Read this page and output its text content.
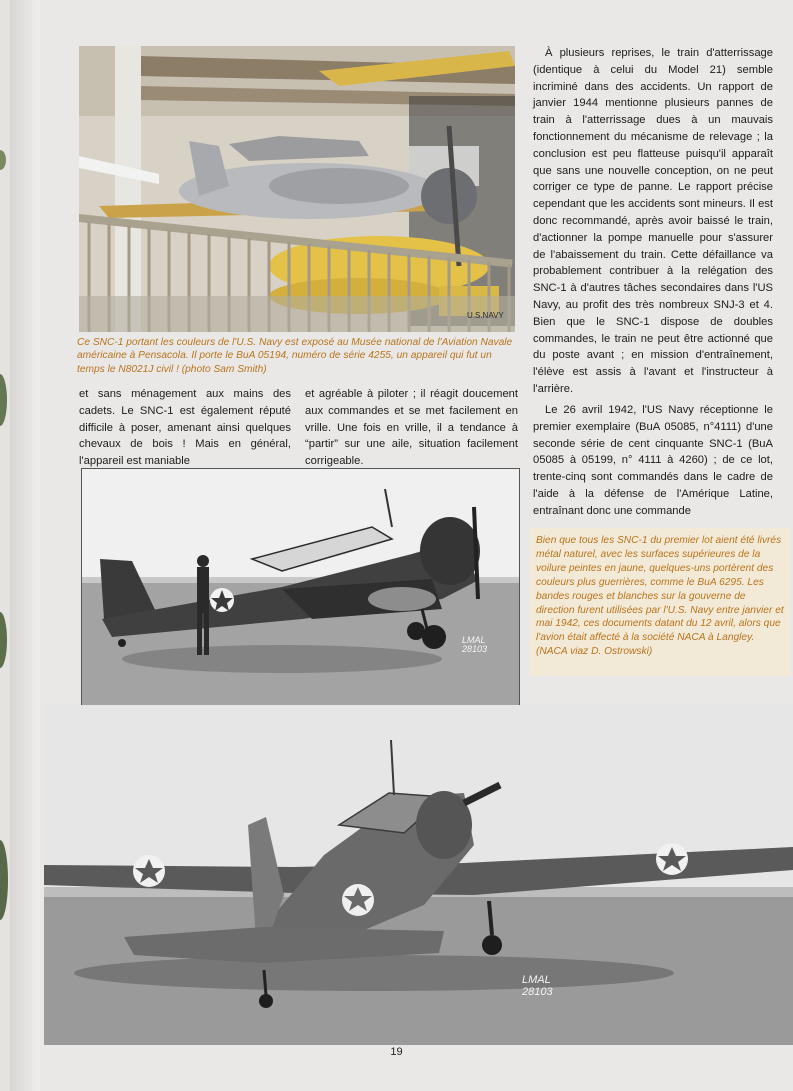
U.S.NAVY
Ce SNC-1 portant les couleurs de l'U.S. Navy est exposé au Musée national de l'Aviation Navale américaine à Pensacola. Il porte le BuA 05194, numéro de série 4255, un appareil qui fut un temps le N8021J civil ! (photo Sam Smith)

et sans ménagement aux mains des cadets. Le SNC-1 est également réputé difficile à poser, amenant ainsi quelques chevaux de bois ! Mais en général, l'appareil est maniable

et agréable à piloter ; il réagit doucement aux commandes et se met facilement en vrille. Une fois en vrille, il a tendance à “partir” sur une aile, situation facilement corrigeable.

À plusieurs reprises, le train d'atterrissage (identique à celui du Model 21) semble incriminé dans des accidents. Un rapport de janvier 1944 mentionne plusieurs pannes de train à l'atterrissage dues à un mauvais fonctionnement du mécanisme de relevage ; la conclusion est peu flatteuse puisqu'il apparaît que sans une nouvelle conception, on ne peut corriger ce type de panne. Le rapport précise cependant que les accidents sont mineurs. Il est donc recommandé, après avoir baissé le train, d'actionner la pompe manuelle pour s'assurer de l'abaissement du train. Cette défaillance va probablement contribuer à la relégation des SNC-1 à d'autres tâches secondaires dans l'US Navy, au profit des très nombreux SNJ-3 et 4. Bien que le SNC-1 dispose de doubles commandes, le train ne peut être actionné que du poste avant ; en mission d'entraînement, l'élève est assis à l'avant et l'instructeur à l'arrière.

Le 26 avril 1942, l'US Navy réceptionne le premier exemplaire (BuA 05085, n°4111) d'une seconde série de cent cinquante SNC-1 (BuA 05085 à 05199, n° 4111 à 4260) ; de ce lot, trente-cinq sont commandés dans le cadre de l'aide à la défense de l'Amérique Latine, entraînant donc une commande

LMAL
28103

Bien que tous les SNC-1 du premier lot aient été livrés métal naturel, avec les surfaces supérieures de la voilure peintes en jaune, quelques-uns portèrent des couleurs plus guerrières, comme le BuA 6295. Les bandes rouges et blanches sur la gouverne de direction furent utilisées par l'U.S. Navy entre janvier et mai 1942, ces documents datant du 12 avril, alors que l'avion était affecté à la société NACA à Langley. (NACA viaz D. Ostrowski)

LMAL
28103
19
